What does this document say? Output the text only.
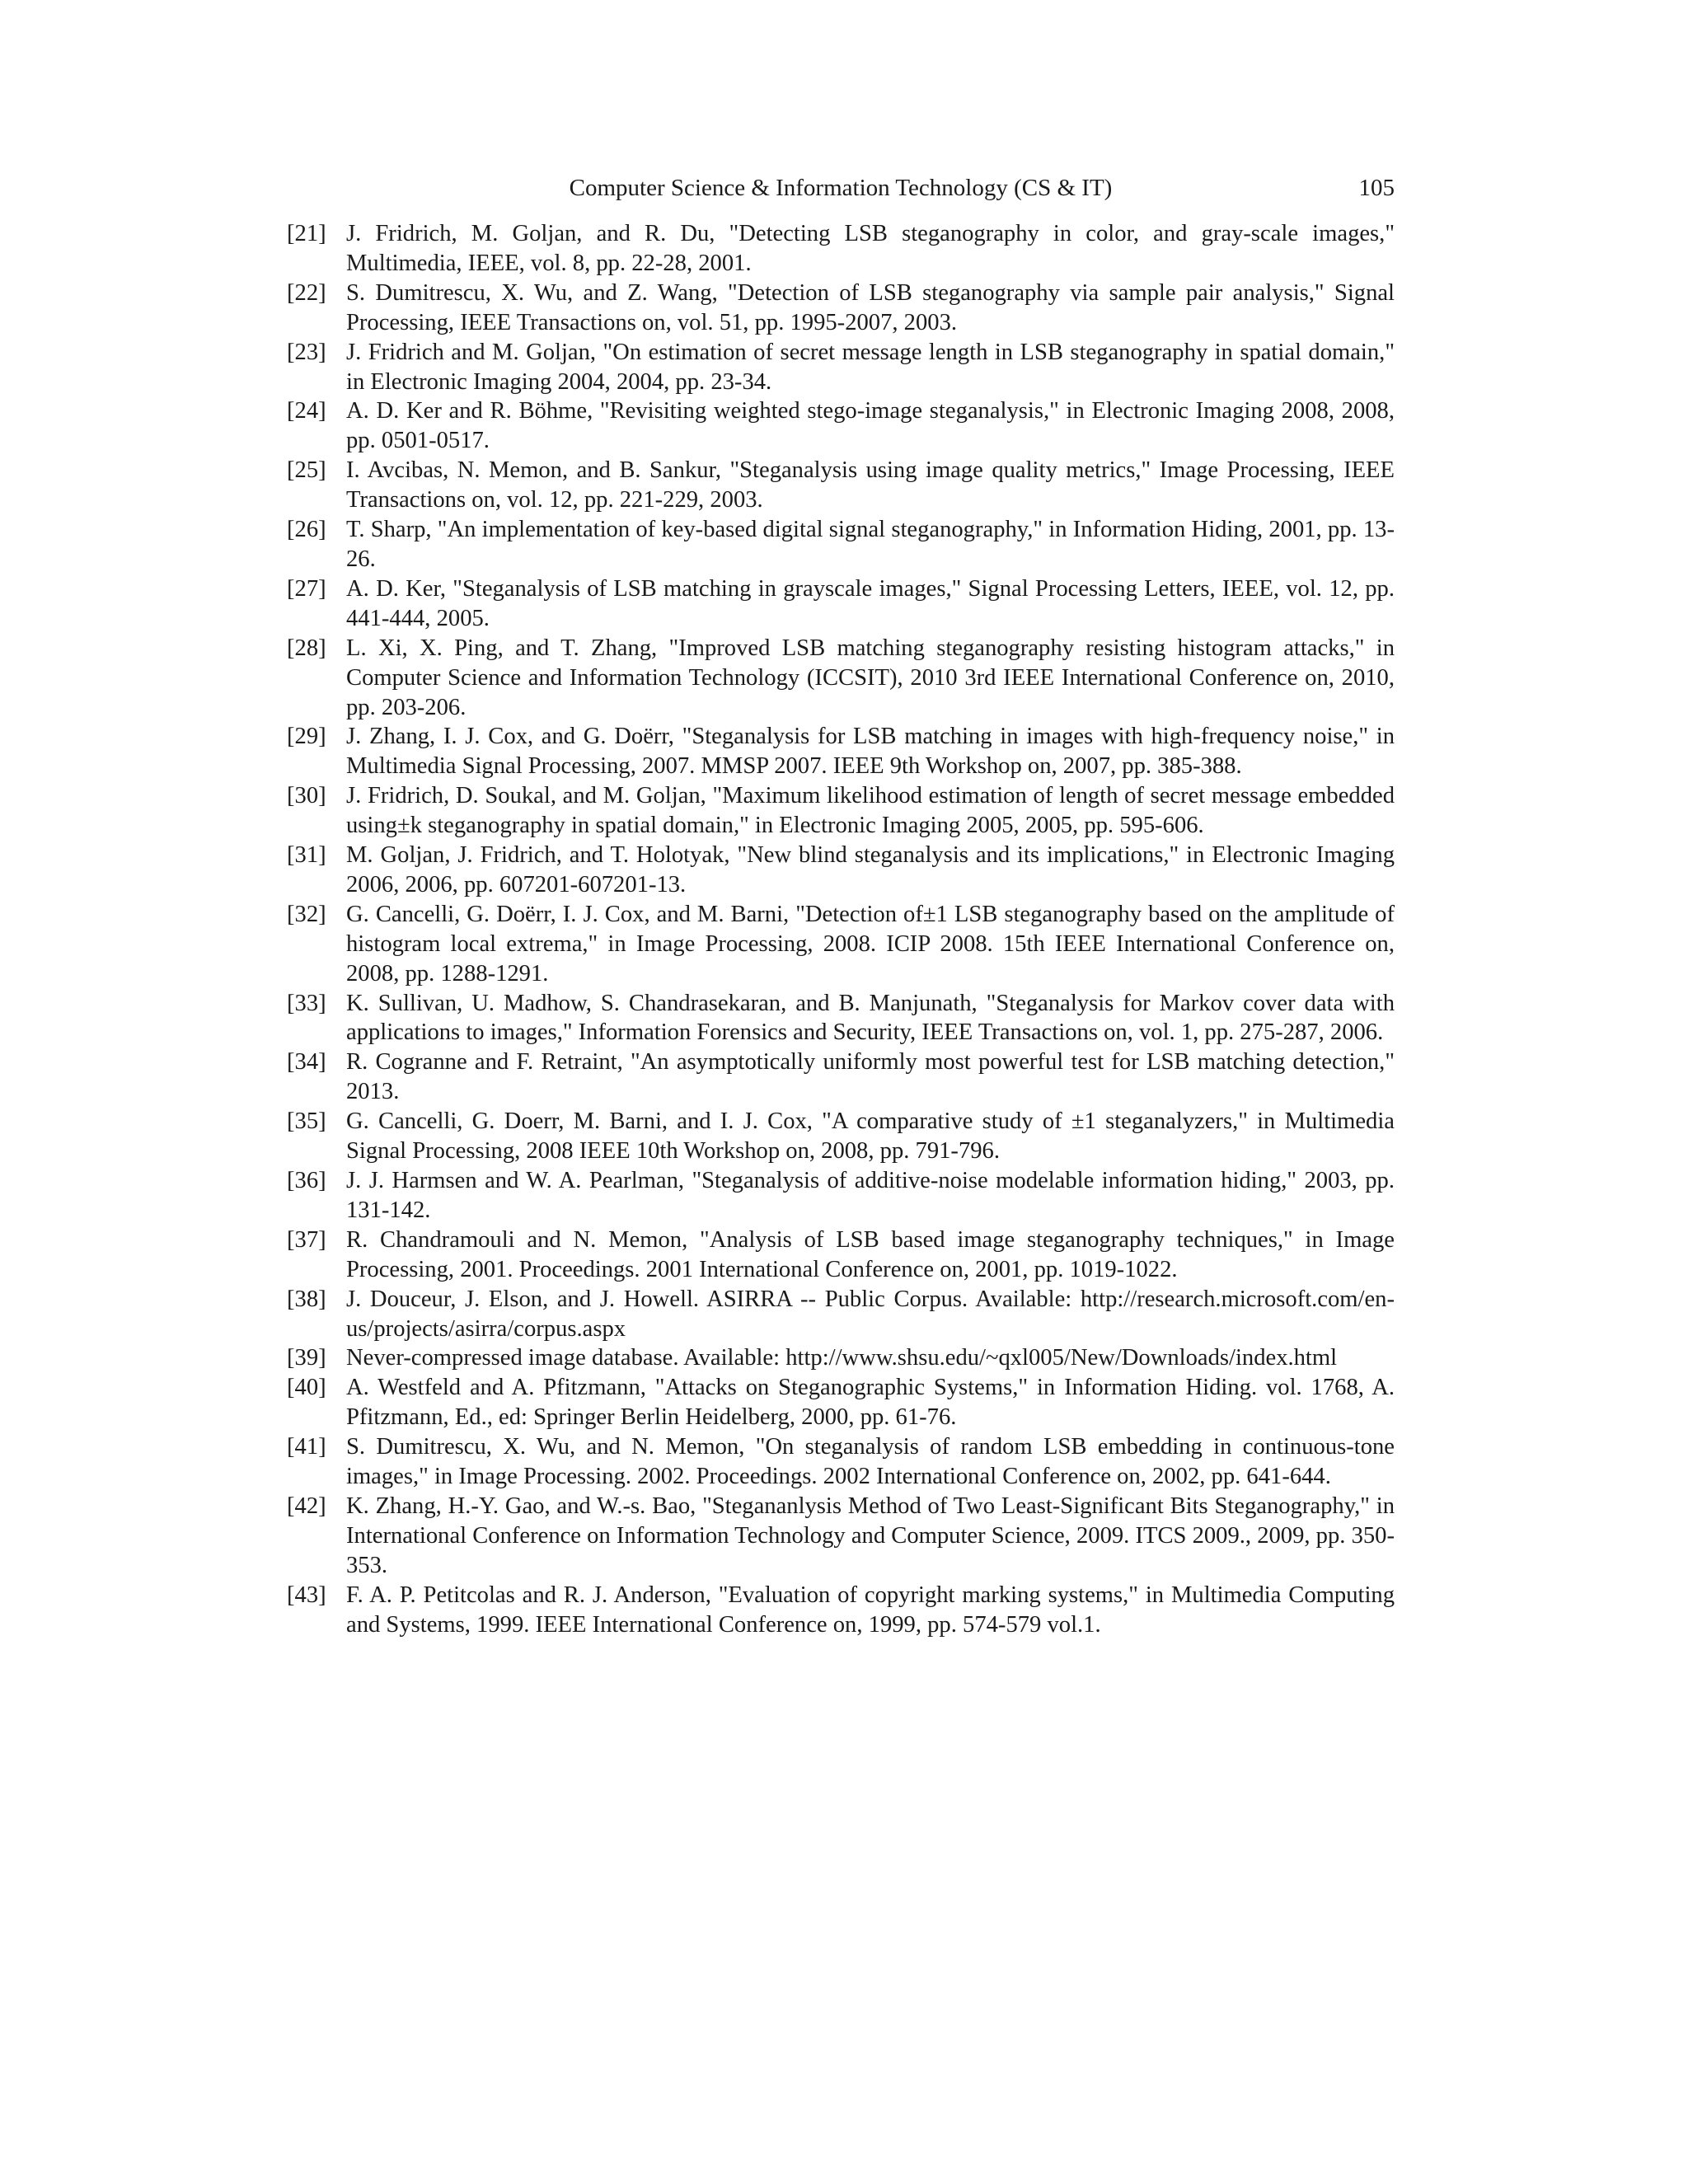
Computer Science & Information Technology (CS & IT)	105
[21] J. Fridrich, M. Goljan, and R. Du, "Detecting LSB steganography in color, and gray-scale images," Multimedia, IEEE, vol. 8, pp. 22-28, 2001.
[22] S. Dumitrescu, X. Wu, and Z. Wang, "Detection of LSB steganography via sample pair analysis," Signal Processing, IEEE Transactions on, vol. 51, pp. 1995-2007, 2003.
[23] J. Fridrich and M. Goljan, "On estimation of secret message length in LSB steganography in spatial domain," in Electronic Imaging 2004, 2004, pp. 23-34.
[24] A. D. Ker and R. Böhme, "Revisiting weighted stego-image steganalysis," in Electronic Imaging 2008, 2008, pp. 0501-0517.
[25] I. Avcibas, N. Memon, and B. Sankur, "Steganalysis using image quality metrics," Image Processing, IEEE Transactions on, vol. 12, pp. 221-229, 2003.
[26] T. Sharp, "An implementation of key-based digital signal steganography," in Information Hiding, 2001, pp. 13-26.
[27] A. D. Ker, "Steganalysis of LSB matching in grayscale images," Signal Processing Letters, IEEE, vol. 12, pp. 441-444, 2005.
[28] L. Xi, X. Ping, and T. Zhang, "Improved LSB matching steganography resisting histogram attacks," in Computer Science and Information Technology (ICCSIT), 2010 3rd IEEE International Conference on, 2010, pp. 203-206.
[29] J. Zhang, I. J. Cox, and G. Doërr, "Steganalysis for LSB matching in images with high-frequency noise," in Multimedia Signal Processing, 2007. MMSP 2007. IEEE 9th Workshop on, 2007, pp. 385-388.
[30] J. Fridrich, D. Soukal, and M. Goljan, "Maximum likelihood estimation of length of secret message embedded using±k steganography in spatial domain," in Electronic Imaging 2005, 2005, pp. 595-606.
[31] M. Goljan, J. Fridrich, and T. Holotyak, "New blind steganalysis and its implications," in Electronic Imaging 2006, 2006, pp. 607201-607201-13.
[32] G. Cancelli, G. Doërr, I. J. Cox, and M. Barni, "Detection of±1 LSB steganography based on the amplitude of histogram local extrema," in Image Processing, 2008. ICIP 2008. 15th IEEE International Conference on, 2008, pp. 1288-1291.
[33] K. Sullivan, U. Madhow, S. Chandrasekaran, and B. Manjunath, "Steganalysis for Markov cover data with applications to images," Information Forensics and Security, IEEE Transactions on, vol. 1, pp. 275-287, 2006.
[34] R. Cogranne and F. Retraint, "An asymptotically uniformly most powerful test for LSB matching detection," 2013.
[35] G. Cancelli, G. Doerr, M. Barni, and I. J. Cox, "A comparative study of ±1 steganalyzers," in Multimedia Signal Processing, 2008 IEEE 10th Workshop on, 2008, pp. 791-796.
[36] J. J. Harmsen and W. A. Pearlman, "Steganalysis of additive-noise modelable information hiding," 2003, pp. 131-142.
[37] R. Chandramouli and N. Memon, "Analysis of LSB based image steganography techniques," in Image Processing, 2001. Proceedings. 2001 International Conference on, 2001, pp. 1019-1022.
[38] J. Douceur, J. Elson, and J. Howell. ASIRRA -- Public Corpus. Available: http://research.microsoft.com/en-us/projects/asirra/corpus.aspx
[39] Never-compressed image database. Available: http://www.shsu.edu/~qxl005/New/Downloads/index.html
[40] A. Westfeld and A. Pfitzmann, "Attacks on Steganographic Systems," in Information Hiding. vol. 1768, A. Pfitzmann, Ed., ed: Springer Berlin Heidelberg, 2000, pp. 61-76.
[41] S. Dumitrescu, X. Wu, and N. Memon, "On steganalysis of random LSB embedding in continuous-tone images," in Image Processing. 2002. Proceedings. 2002 International Conference on, 2002, pp. 641-644.
[42] K. Zhang, H.-Y. Gao, and W.-s. Bao, "Stegananlysis Method of Two Least-Significant Bits Steganography," in International Conference on Information Technology and Computer Science, 2009. ITCS 2009., 2009, pp. 350-353.
[43] F. A. P. Petitcolas and R. J. Anderson, "Evaluation of copyright marking systems," in Multimedia Computing and Systems, 1999. IEEE International Conference on, 1999, pp. 574-579 vol.1.
